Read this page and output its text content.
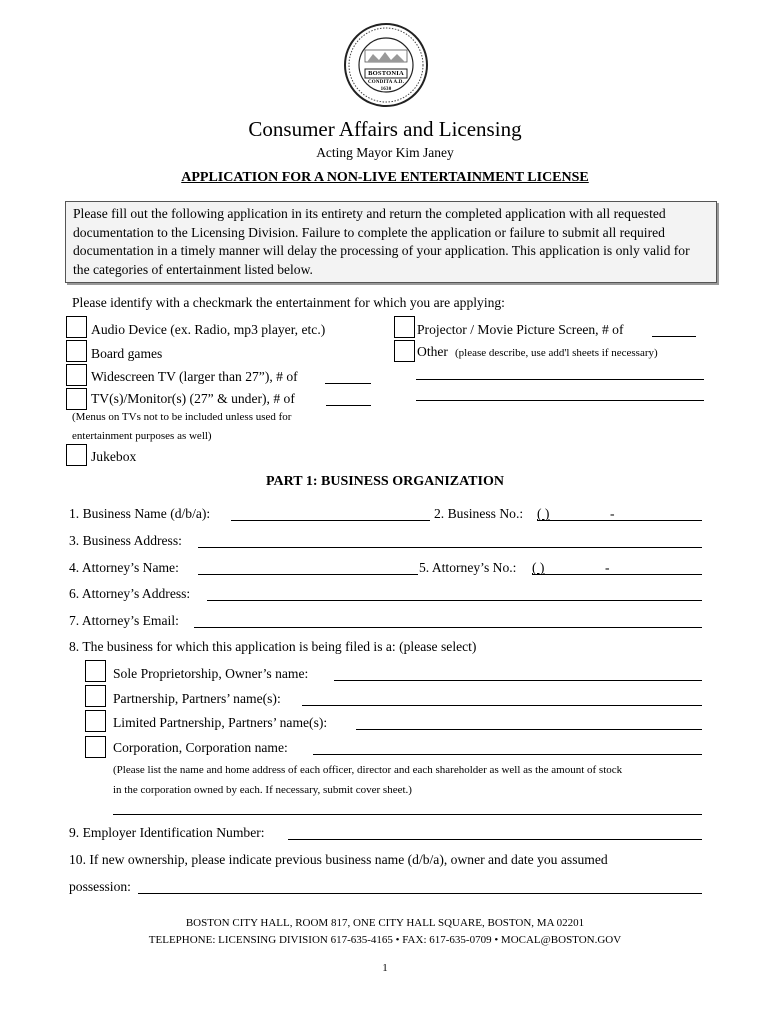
BOSTONIA
CONDITA A.D.
1630
Consumer Affairs and Licensing
Acting Mayor Kim Janey
APPLICATION FOR A NON-LIVE ENTERTAINMENT LICENSE
Please fill out the following application in its entirety and return the completed application with all requested documentation to the Licensing Division. Failure to complete the application or failure to submit all required documentation in a timely manner will delay the processing of your application. This application is only valid for the categories of entertainment listed below.
Please identify with a checkmark the entertainment for which you are applying:
Audio Device (ex. Radio, mp3 player, etc.)
Board games
Widescreen TV (larger than 27”), # of
TV(s)/Monitor(s) (27” & under), # of
(Menus on TVs not to be included unless used for
entertainment purposes as well)
Jukebox
Projector / Movie Picture Screen, # of
Other (please describe, use add'l sheets if necessary)
PART 1: BUSINESS ORGANIZATION
1. Business Name (d/b/a):	2. Business No.: ( )	-
3. Business Address:
4. Attorney’s Name:	5. Attorney’s No.: ( )	-
6. Attorney’s Address:
7. Attorney’s Email:
8. The business for which this application is being filed is a: (please select)
Sole Proprietorship, Owner’s name:
Partnership, Partners’ name(s):
Limited Partnership, Partners’ name(s):
Corporation, Corporation name:
(Please list the name and home address of each officer, director and each shareholder as well as the amount of stock
in the corporation owned by each. If necessary, submit cover sheet.)
9. Employer Identification Number:
10. If new ownership, please indicate previous business name (d/b/a), owner and date you assumed
possession:
BOSTON CITY HALL, ROOM 817, ONE CITY HALL SQUARE, BOSTON, MA 02201
TELEPHONE: LICENSING DIVISION 617-635-4165 • FAX: 617-635-0709 • MOCAL@BOSTON.GOV
1
